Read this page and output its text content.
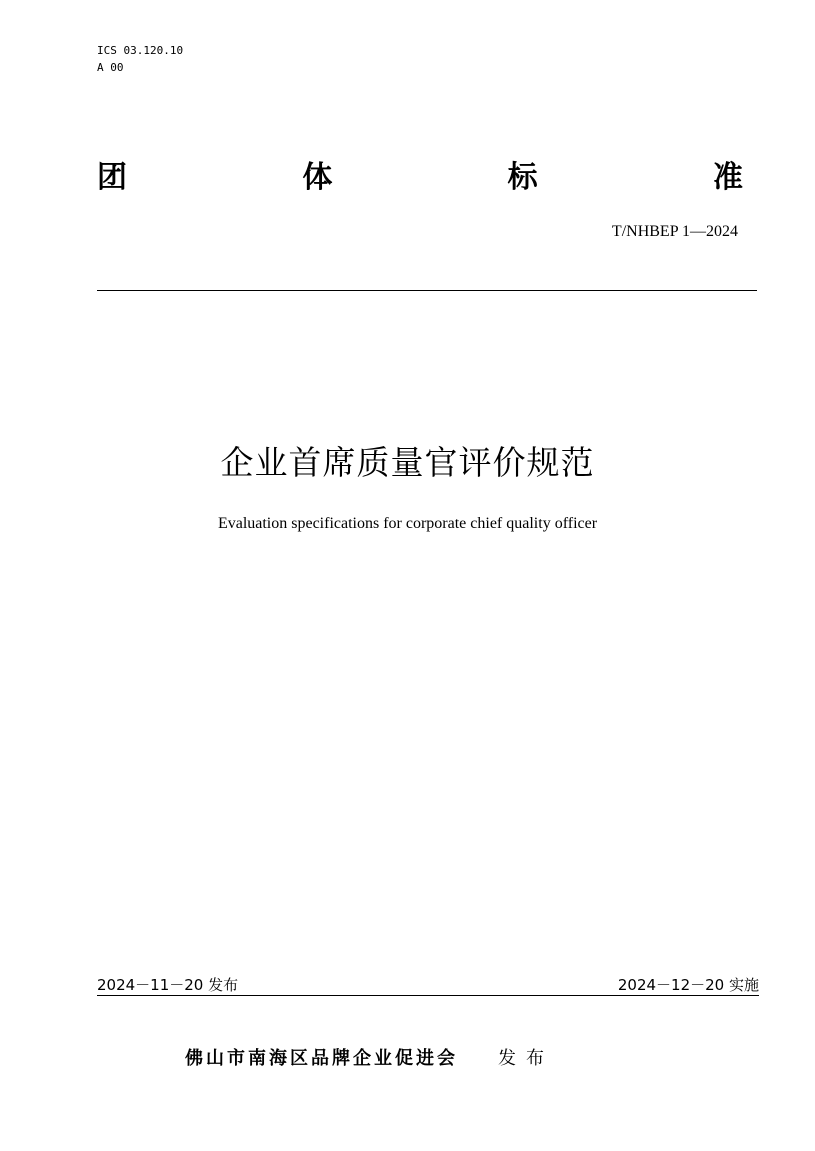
ICS 03.120.10
A 00
团	体	标	准
T/NHBEP 1—2024
企业首席质量官评价规范
Evaluation specifications for corporate chief quality officer
2024－11－20 发布	2024－12－20 实施
佛山市南海区品牌企业促进会 发布
